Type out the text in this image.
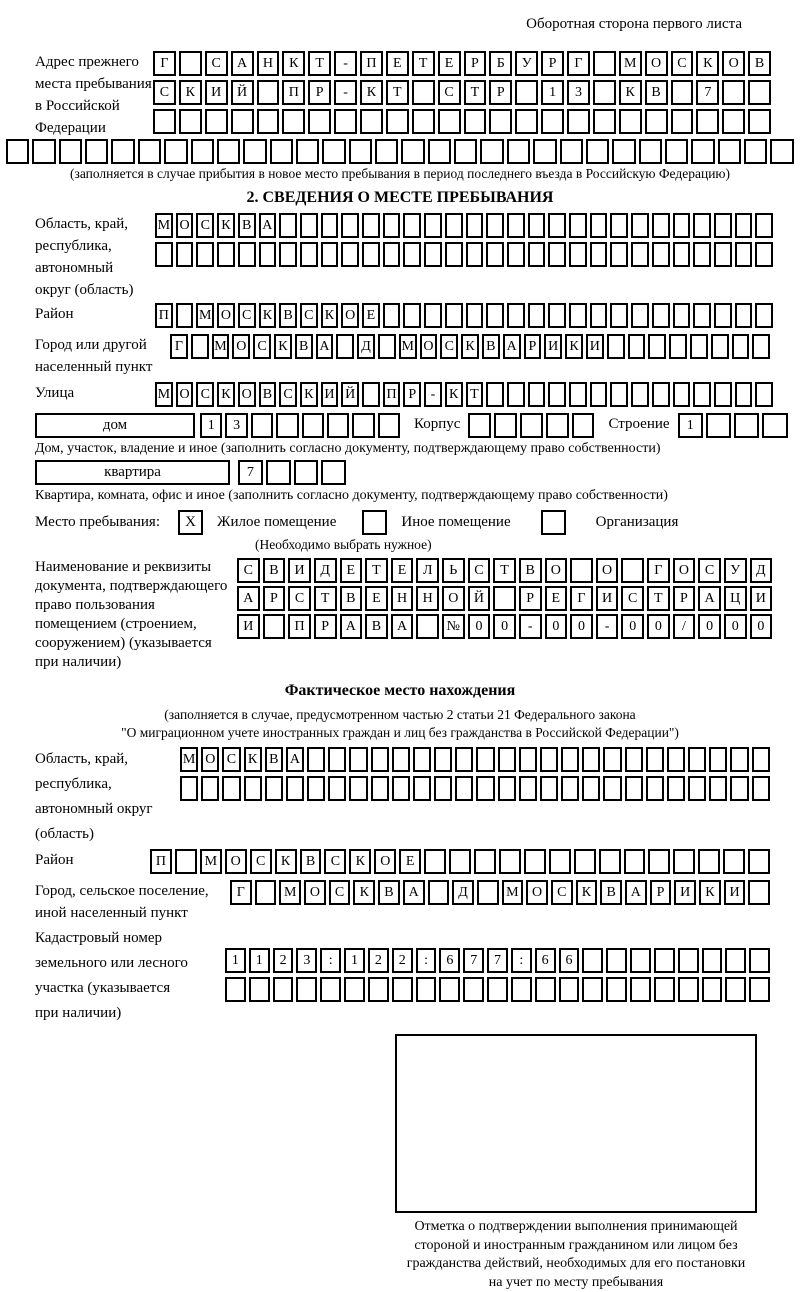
Оборотная сторона первого листа
Адрес прежнего
места пребывания
в Российской
Федерации
Г	С	А	Н	К	Т	-	П	Е	Т	Е	Р	Б	У	Р	Г	М	О	С	К	О	В
С	К	И	Й	П	Р	-	К	Т	С	Т	Р	1	3	К	В	7
(заполняется в случае прибытия в новое место пребывания в период последнего въезда в Российскую Федерацию)
2. СВЕДЕНИЯ О МЕСТЕ ПРЕБЫВАНИЯ
Область, край,
республика,
автономный
округ (область)
М О С К В А
Район	П М О С К В С К О Е
Город или другой
населенный пункт
Г	М О С К В А Д М О С К В А Р И К И
Улица	М О С К О В С К И Й П Р	- К Т
дом	1	3	Корпус	Строение	1
Дом, участок, владение и иное (заполнить согласно документу, подтверждающему право собственности)
квартира	7
Квартира, комната, офис и иное (заполнить согласно документу, подтверждающему право собственности)
Место пребывания:	X	Жилое помещение	Иное помещение	Организация
(Необходимо выбрать нужное)
Наименование и реквизиты
документа, подтверждающего
право пользования
помещением (строением,
сооружением) (указывается
при наличии)
С	В	И	Д	Е	Т	Е	Л	Ь	С	Т	В	О	О	Г	О	С	У	Д
А	Р	С	Т	В	Е	Н	Н	О	Й	Р	Е	Г	И	С	Т	Р	А	Ц	И
И	П	Р	А	В	А	№	0	0	-	0	0	-	0	0	/	0	0	0
Фактическое место нахождения
(заполняется в случае, предусмотренном частью 2 статьи 21 Федерального закона
"О миграционном учете иностранных граждан и лиц без гражданства в Российской Федерации")
Область, край,
республика,
автономный округ
(область)
М О С К В А
Район	П	М О	С	К	В	С	К	О	Е
Город, сельское поселение,
иной населенный пункт
Г	М О	С	К	В	А	Д	М О	С	К	В	А	Р	И	К	И
Кадастровый номер
земельного или лесного
участка (указывается
при наличии)
1	1	2	3	:	1	2	2	:	6	7	7	:	6	6
Отметка о подтверждении выполнения принимающей
стороной и иностранным гражданином или лицом без
гражданства действий, необходимых для его постановки
на учет по месту пребывания
